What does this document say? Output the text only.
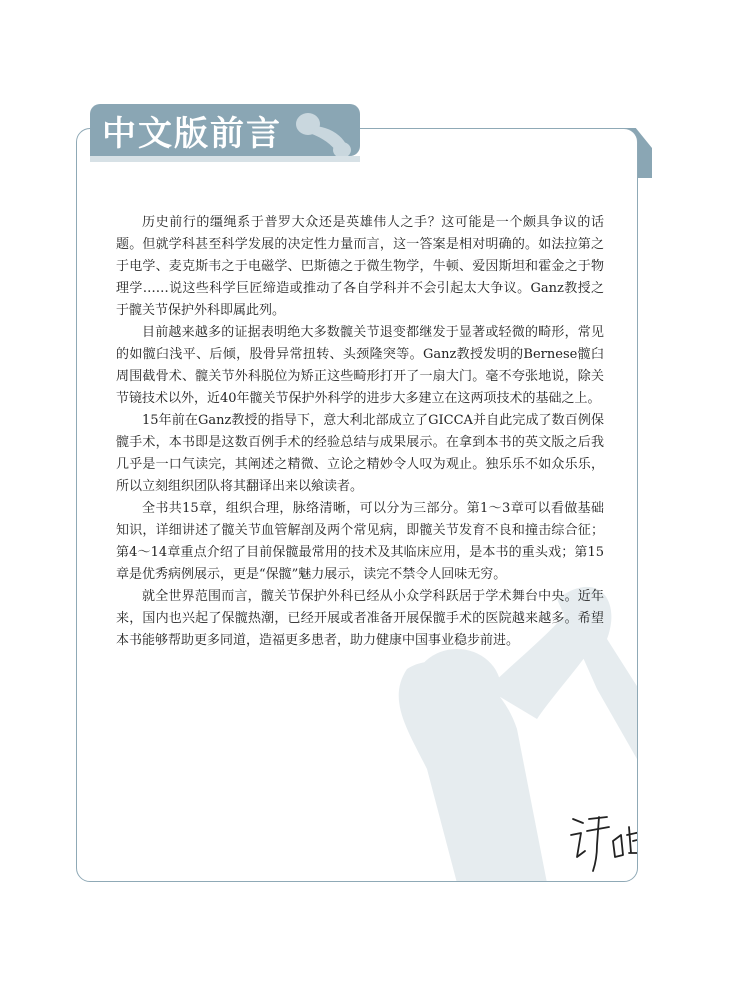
中文版前言

历史前行的缰绳系于普罗大众还是英雄伟人之手？这可能是一个颇具争议的话题。但就学科甚至科学发展的决定性力量而言，这一答案是相对明确的。如法拉第之于电学、麦克斯韦之于电磁学、巴斯德之于微生物学，牛顿、爱因斯坦和霍金之于物理学……说这些科学巨匠缔造或推动了各自学科并不会引起太大争议。Ganz教授之于髋关节保护外科即属此列。

目前越来越多的证据表明绝大多数髋关节退变都继发于显著或轻微的畸形，常见的如髋臼浅平、后倾，股骨异常扭转、头颈隆突等。Ganz教授发明的Bernese髋臼周围截骨术、髋关节外科脱位为矫正这些畸形打开了一扇大门。毫不夸张地说，除关节镜技术以外，近40年髋关节保护外科学的进步大多建立在这两项技术的基础之上。

15年前在Ganz教授的指导下，意大利北部成立了GICCA并自此完成了数百例保髋手术，本书即是这数百例手术的经验总结与成果展示。在拿到本书的英文版之后我几乎是一口气读完，其阐述之精微、立论之精妙令人叹为观止。独乐乐不如众乐乐，所以立刻组织团队将其翻译出来以飨读者。

全书共15章，组织合理，脉络清晰，可以分为三部分。第1～3章可以看做基础知识，详细讲述了髋关节血管解剖及两个常见病，即髋关节发育不良和撞击综合征；第4～14章重点介绍了目前保髋最常用的技术及其临床应用，是本书的重头戏；第15章是优秀病例展示，更是“保髋”魅力展示，读完不禁令人回味无穷。

就全世界范围而言，髋关节保护外科已经从小众学科跃居于学术舞台中央。近年来，国内也兴起了保髋热潮，已经开展或者准备开展保髋手术的医院越来越多。希望本书能够帮助更多同道，造福更多患者，助力健康中国事业稳步前进。
